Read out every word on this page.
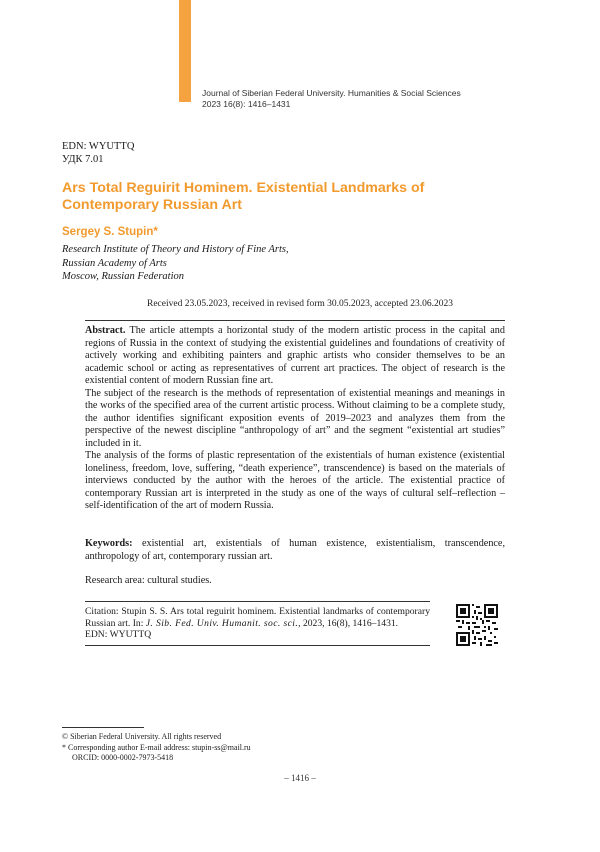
Journal of Siberian Federal University. Humanities & Social Sciences
2023 16(8): 1416–1431
EDN: WYUTTQ
УДК 7.01
Ars Total Reguirit Hominem. Existential Landmarks of Contemporary Russian Art
Sergey S. Stupin*
Research Institute of Theory and History of Fine Arts,
Russian Academy of Arts
Moscow, Russian Federation
Received 23.05.2023, received in revised form 30.05.2023, accepted 23.06.2023

Abstract. The article attempts a horizontal study of the modern artistic process in the capital and regions of Russia in the context of studying the existential guidelines and foundations of creativity of actively working and exhibiting painters and graphic artists who consider themselves to be an academic school or acting as representatives of current art practices. The object of research is the existential content of modern Russian fine art.

The subject of the research is the methods of representation of existential meanings and meanings in the works of the specified area of the current artistic process. Without claiming to be a complete study, the author identifies significant exposition events of 2019–2023 and analyzes them from the perspective of the newest discipline “anthropology of art” and the segment “existential art studies” included in it.

The analysis of the forms of plastic representation of the existentials of human existence (existential loneliness, freedom, love, suffering, “death experience”, transcendence) is based on the materials of interviews conducted by the author with the heroes of the article. The existential practice of contemporary Russian art is interpreted in the study as one of the ways of cultural self–reflection – self-identification of the art of modern Russia.

Keywords: existential art, existentials of human existence, existentialism, transcendence, anthropology of art, contemporary russian art.
Research area: cultural studies.
Citation: Stupin S. S. Ars total reguirit hominem. Existential landmarks of contemporary Russian art. In: J. Sib. Fed. Univ. Humanit. soc. sci., 2023, 16(8), 1416–1431.
EDN: WYUTTQ
© Siberian Federal University. All rights reserved
* Corresponding author E-mail address: stupin-ss@mail.ru
ORCID: 0000-0002-7973-5418
– 1416 –
